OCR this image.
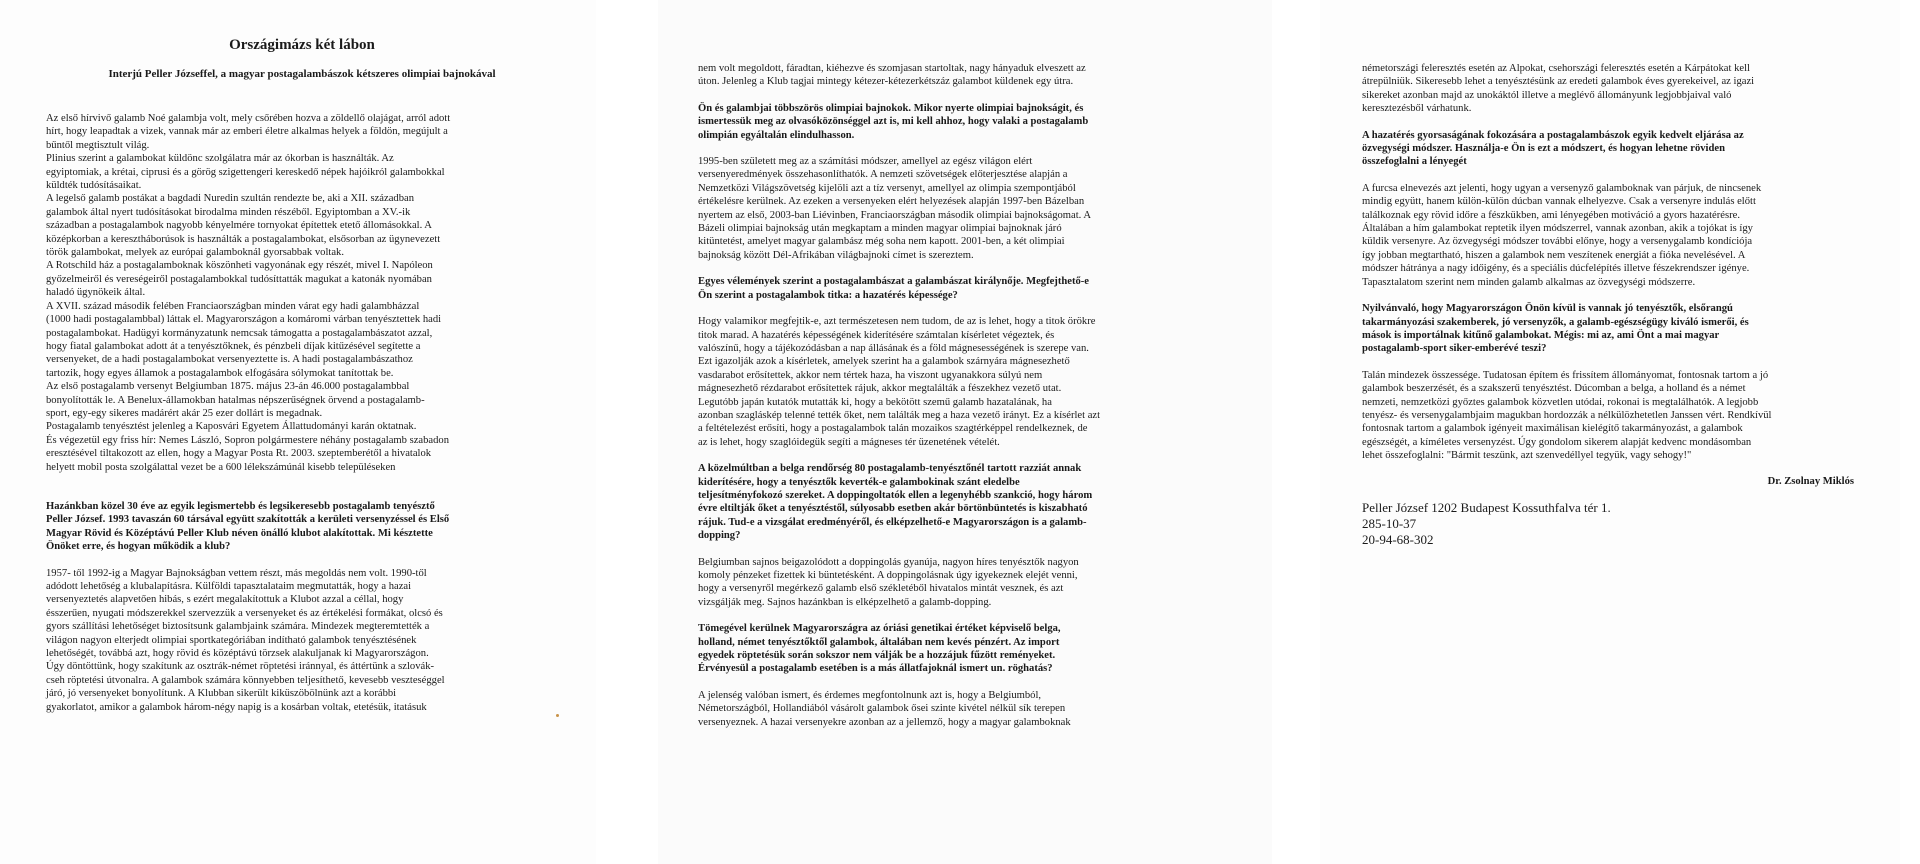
Országimázs két lábon
Interjú Peller Józseffel, a magyar postagalambászok kétszeres olimpiai bajnokával

Az első hírvivő galamb Noé galambja volt, mely csőrében hozva a zöldellő olajágat, arról adott
hírt, hogy leapadtak a vizek, vannak már az emberi életre alkalmas helyek a földön, megújult a
bűntől megtisztult világ.
Plinius szerint a galambokat küldönc szolgálatra már az ókorban is használták. Az
egyiptomiak, a krétai, ciprusi és a görög szigettengeri kereskedő népek hajóikról galambokkal
küldték tudósításaikat.
A legelső galamb postákat a bagdadi Nuredin szultán rendezte be, aki a XII. században
galambok által nyert tudósításokat birodalma minden részéből. Egyiptomban a XV.-ik
században a postagalambok nagyobb kényelmére tornyokat építettek etető állomásokkal. A
középkorban a keresztháborúsok is használták a postagalambokat, elsősorban az ügynevezett
török galambokat, melyek az európai galamboknál gyorsabbak voltak.
A Rotschild ház a postagalamboknak köszönheti vagyonának egy részét, mivel I. Napóleon
győzelmeiről és vereségeiről postagalambokkal tudósíttatták magukat a katonák nyomában
haladó ügynökeik által.
A XVII. század második felében Franciaországban minden várat egy hadi galambházzal
(1000 hadi postagalambbal) láttak el. Magyarországon a komáromi várban tenyésztettek hadi
postagalambokat. Hadügyi kormányzatunk nemcsak támogatta a postagalambászatot azzal,
hogy fiatal galambokat adott át a tenyésztőknek, és pénzbeli díjak kitűzésével segítette a
versenyeket, de a hadi postagalambokat versenyeztette is. A hadi postagalambászathoz
tartozik, hogy egyes államok a postagalambok elfogására sólymokat tanítottak be.
Az első postagalamb versenyt Belgiumban 1875. május 23-án 46.000 postagalambbal
bonyolították le. A Benelux-államokban hatalmas népszerűségnek örvend a postagalamb-
sport, egy-egy sikeres madárért akár 25 ezer dollárt is megadnak.
Postagalamb tenyésztést jelenleg a Kaposvári Egyetem Állattudományi karán oktatnak.
És végezetül egy friss hír: Nemes László, Sopron polgármestere néhány postagalamb szabadon
eresztésével tiltakozott az ellen, hogy a Magyar Posta Rt. 2003. szeptemberétől a hivatalok
helyett mobil posta szolgálattal vezet be a 600 lélekszámúnál kisebb településeken

Hazánkban közel 30 éve az egyik legismertebb és legsikeresebb postagalamb tenyésztő
Peller József. 1993 tavaszán 60 társával együtt szakították a kerületi versenyzéssel és Első
Magyar Rövid és Középtávú Peller Klub néven önálló klubot alakítottak. Mi késztette
Önöket erre, és hogyan működik a klub?

1957- től 1992-ig a Magyar Bajnokságban vettem részt, más megoldás nem volt. 1990-től
adódott lehetőség a klubalapításra. Külföldi tapasztalataim megmutatták, hogy a hazai
versenyeztetés alapvetően hibás, s ezért megalakítottuk a Klubot azzal a céllal, hogy
ésszerűen, nyugati módszerekkel szervezzük a versenyeket és az értékelési formákat, olcsó és
gyors szállítási lehetőséget biztosítsunk galambjaink számára. Mindezek megteremtették a
világon nagyon elterjedt olimpiai sportkategóriában indítható galambok tenyésztésének
lehetőségét, továbbá azt, hogy rövid és középtávú törzsek alakuljanak ki Magyarországon.
Úgy döntöttünk, hogy szakítunk az osztrák-német röptetési iránnyal, és áttértünk a szlovák-
cseh röptetési útvonalra. A galambok számára könnyebben teljesíthető, kevesebb veszteséggel
járó, jó versenyeket bonyolítunk. A Klubban sikerült kiküszöbölnünk azt a korábbi
gyakorlatot, amikor a galambok három-négy napig is a kosárban voltak, etetésük, itatásuk

nem volt megoldott, fáradtan, kiéhezve és szomjasan startoltak, nagy hányaduk elveszett az
úton. Jelenleg a Klub tagjai mintegy kétezer-kétezerkétszáz galambot küldenek egy útra.

Ön és galambjai többszörös olimpiai bajnokok. Mikor nyerte olimpiai bajnokságit, és
ismertessük meg az olvasóközönséggel azt is, mi kell ahhoz, hogy valaki a postagalamb
olimpián egyáltalán elindulhasson.

1995-ben született meg az a számítási módszer, amellyel az egész világon elért
versenyeredmények összehasonlíthatók. A nemzeti szövetségek előterjesztése alapján a
Nemzetközi Világszövetség kijelöli azt a tíz versenyt, amellyel az olimpia szempontjából
értékelésre kerülnek. Az ezeken a versenyeken elért helyezések alapján 1997-ben Bázelban
nyertem az első, 2003-ban Liévinben, Franciaországban második olimpiai bajnokságomat. A
Bázeli olimpiai bajnokság után megkaptam a minden magyar olimpiai bajnoknak járó
kitüntetést, amelyet magyar galambász még soha nem kapott. 2001-ben, a két olimpiai
bajnokság között Dél-Afrikában világbajnoki címet is szereztem.

Egyes vélemények szerint a postagalambászat a galambászat királynője. Megfejthető-e
Ön szerint a postagalambok titka: a hazatérés képessége?

Hogy valamikor megfejtik-e, azt természetesen nem tudom, de az is lehet, hogy a titok örökre
titok marad. A hazatérés képességének kiderítésére számtalan kísérletet végeztek, és
valószínű, hogy a tájékozódásban a nap állásának és a föld mágnesességének is szerepe van.
Ezt igazolják azok a kísérletek, amelyek szerint ha a galambok szárnyára mágnesezhető
vasdarabot erősítettek, akkor nem tértek haza, ha viszont ugyanakkora súlyú nem
mágnesezhető rézdarabot erősítettek rájuk, akkor megtalálták a fészekhez vezető utat.
Legutóbb japán kutatók mutatták ki, hogy a bekötött szemű galamb hazatalának, ha
azonban szagláskép telenné tették őket, nem találták meg a haza vezető irányt. Ez a kísérlet azt
a feltételezést erősíti, hogy a postagalambok talán mozaikos szagtérképpel rendelkeznek, de
az is lehet, hogy szaglóidegük segíti a mágneses tér üzenetének vételét.

A közelmúltban a belga rendőrség 80 postagalamb-tenyésztőnél tartott razziát annak
kiderítésére, hogy a tenyésztők keverték-e galambokinak szánt eledelbe
teljesítményfokozó szereket. A doppingoltatók ellen a legenyhébb szankció, hogy három
évre eltiltják őket a tenyésztéstől, súlyosabb esetben akár börtönbüntetés is kiszabható
rájuk. Tud-e a vizsgálat eredményéről, és elképzelhető-e Magyarországon is a galamb-
dopping?

Belgiumban sajnos beigazolódott a doppingolás gyanúja, nagyon híres tenyésztők nagyon
komoly pénzeket fizettek ki büntetésként. A doppingolásnak úgy igyekeznek elejét venni,
hogy a versenyről megérkező galamb első székletéből hivatalos mintát vesznek, és azt
vizsgálják meg. Sajnos hazánkban is elképzelhető a galamb-dopping.

Tömegével kerülnek Magyarországra az óriási genetikai értéket képviselő belga,
holland, német tenyésztőktől galambok, általában nem kevés pénzért. Az import
egyedek röptetésük során sokszor nem válják be a hozzájuk fűzött reményeket.
Érvényesül a postagalamb esetében is a más állatfajoknál ismert un. röghatás?

A jelenség valóban ismert, és érdemes megfontolnunk azt is, hogy a Belgiumból,
Németországból, Hollandiából vásárolt galambok ősei szinte kivétel nélkül sík terepen
versenyeznek. A hazai versenyekre azonban az a jellemző, hogy a magyar galamboknak

németországi feleresztés esetén az Alpokat, csehországi feleresztés esetén a Kárpátokat kell
átrepülniük. Sikeresebb lehet a tenyésztésünk az eredeti galambok éves gyerekeivel, az igazi
sikereket azonban majd az unokáktól illetve a meglévő állományunk legjobbjaival való
keresztezésből várhatunk.

A hazatérés gyorsaságának fokozására a postagalambászok egyik kedvelt eljárása az
özvegységi módszer. Használja-e Ön is ezt a módszert, és hogyan lehetne röviden
összefoglalni a lényegét

A furcsa elnevezés azt jelenti, hogy ugyan a versenyző galamboknak van párjuk, de nincsenek
mindig együtt, hanem külön-külön dúcban vannak elhelyezve. Csak a versenyre indulás előtt
találkoznak egy rövid időre a fészkükben, ami lényegében motiváció a gyors hazatérésre.
Általában a hím galambokat reptetik ilyen módszerrel, vannak azonban, akik a tojókat is így
küldik versenyre. Az özvegységi módszer további előnye, hogy a versenygalamb kondíciója
így jobban megtartható, hiszen a galambok nem veszítenek energiát a fióka nevelésével. A
módszer hátránya a nagy időigény, és a speciális dúcfelépítés illetve fészekrendszer igénye.
Tapasztalatom szerint nem minden galamb alkalmas az özvegységi módszerre.

Nyilvánvaló, hogy Magyarországon Önön kívül is vannak jó tenyésztők, elsőrangú
takarmányozási szakemberek, jó versenyzők, a galamb-egészségügy kiváló ismerői, és
mások is importálnak kitűnő galambokat. Mégis: mi az, ami Önt a mai magyar
postagalamb-sport siker-emberévé teszi?

Talán mindezek összessége. Tudatosan építem és frissítem állományomat, fontosnak tartom a jó
galambok beszerzését, és a szakszerű tenyésztést. Dúcomban a belga, a holland és a német
nemzeti, nemzetközi győztes galambok közvetlen utódai, rokonai is megtalálhatók. A legjobb
tenyész- és versenygalambjaim magukban hordozzák a nélkülözhetetlen Janssen vért. Rendkívül
fontosnak tartom a galambok igényeit maximálisan kielégítő takarmányozást, a galambok
egészségét, a kíméletes versenyzést. Úgy gondolom sikerem alapját kedvenc mondásomban
lehet összefoglalni: "Bármit teszünk, azt szenvedéllyel tegyük, vagy sehogy!"

Dr. Zsolnay Miklós

Peller József 1202 Budapest Kossuthfalva tér 1.
285-10-37
20-94-68-302
